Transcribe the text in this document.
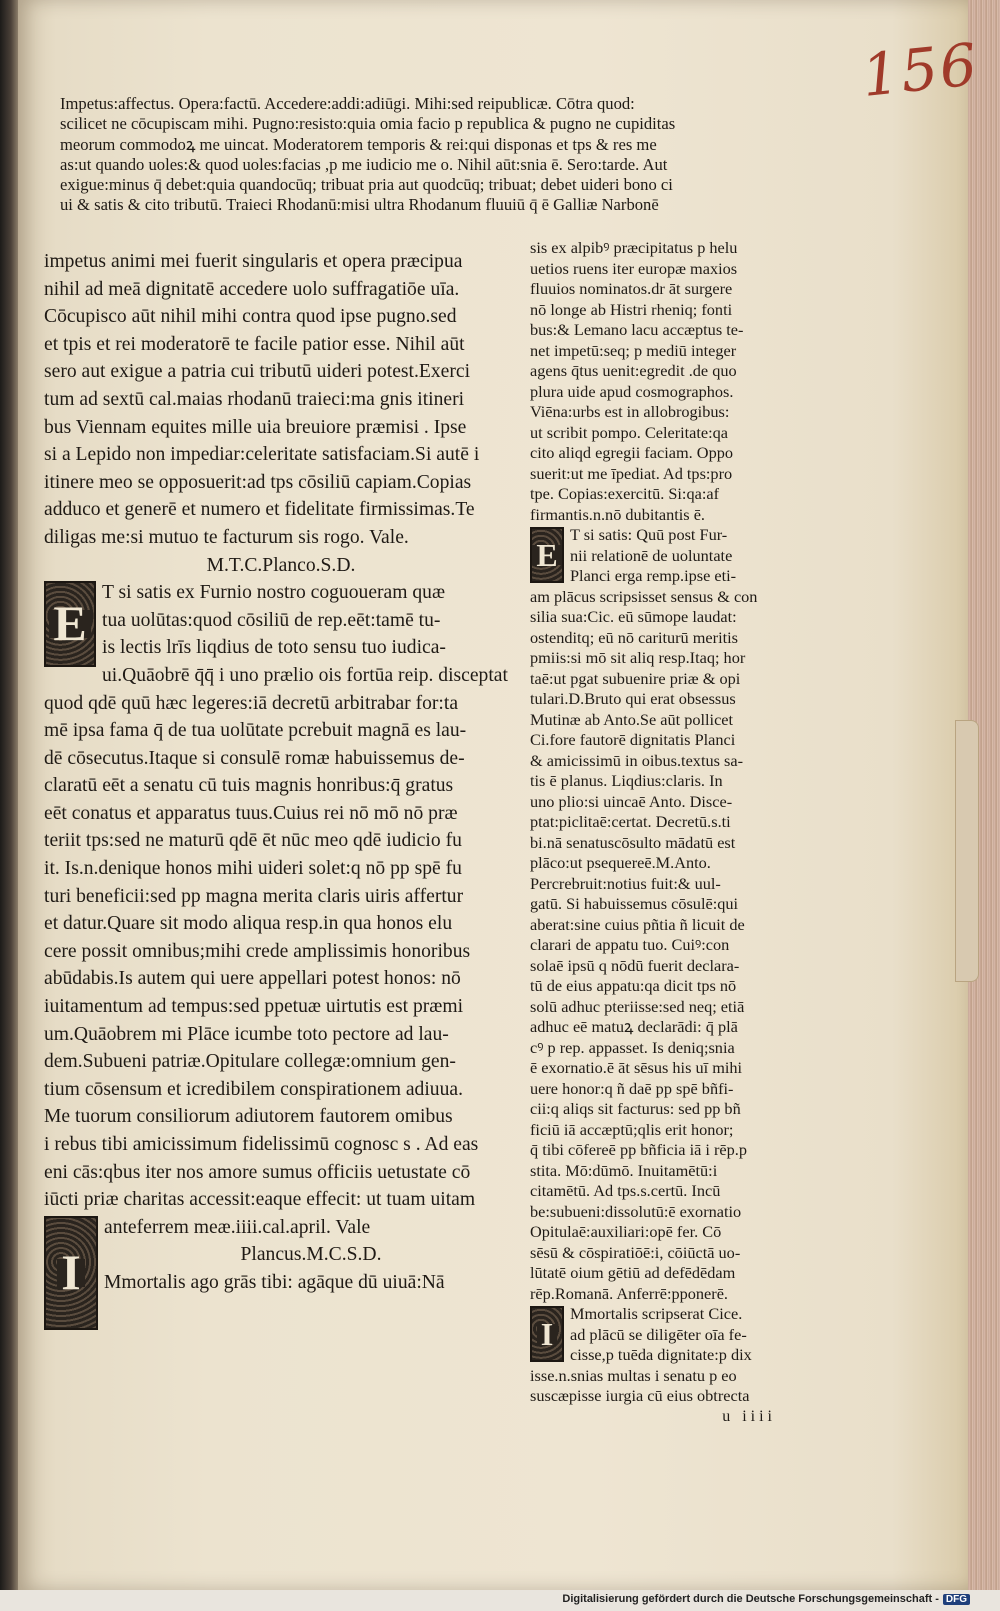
156
Impetus:affectus. Opera:factū. Accedere:addi:adiūgi. Mihi:sed reipublicæ. Cōtra quod:
scilicet ne cōcupiscam mihi. Pugno:resisto:quia omia facio p republica & pugno ne cupiditas
meorum commodoꝝ me uincat. Moderatorem temporis & rei:qui disponas et tps & res me
as:ut quando uoles:& quod uoles:facias ,p me iudicio me o. Nihil aūt:snia ē. Sero:tarde. Aut
exigue:minus q̄ debet:quia quandocūq; tribuat pria aut quodcūq; tribuat; debet uideri bono ci
ui & satis & cito tributū. Traieci Rhodanū:misi ultra Rhodanum fluuiū q̄ ē Galliæ Narbonē
impetus animi mei fuerit singularis et opera præcipua
nihil ad meā dignitatē accedere uolo suffragatiōe uīa.
Cōcupisco aūt nihil mihi contra quod ipse pugno.sed
et tpis et rei moderatorē te facile patior esse. Nihil aūt
sero aut exigue a patria cui tributū uideri potest.Exerci
tum ad sextū cal.maias rhodanū traieci:ma gnis itineri
bus Viennam equites mille uia breuiore præmisi . Ipse
si a Lepido non impediar:celeritate satisfaciam.Si autē i
itinere meo se opposuerit:ad tps cōsiliū capiam.Copias
adduco et generē et numero et fidelitate firmissimas.Te
diligas me:si mutuo te facturum sis rogo. Vale.
M.T.C.Planco.S.D.
E
T si satis ex Furnio nostro coguoueram quæ
tua uolūtas:quod cōsiliū de rep.eēt:tamē tu-
is lectis lrīs liqdius de toto sensu tuo iudica-
ui.Quāobrē q̄q̄ i uno prælio ois fortūa reip. disceptat
quod qdē quū hæc legeres:iā decretū arbitrabar for:ta
mē ipsa fama q̄ de tua uolūtate pcrebuit magnā es lau-
dē cōsecutus.Itaque si consulē romæ habuissemus de-
claratū eēt a senatu cū tuis magnis honribus:q̄ gratus
eēt conatus et apparatus tuus.Cuius rei nō mō nō præ
teriit tps:sed ne maturū qdē ēt nūc meo qdē iudicio fu
it. Is.n.denique honos mihi uideri solet:q nō pp spē fu
turi beneficii:sed pp magna merita claris uiris affertur
et datur.Quare sit modo aliqua resp.in qua honos elu
cere possit omnibus;mihi crede amplissimis honoribus
abūdabis.Is autem qui uere appellari potest honos: nō
iuitamentum ad tempus:sed ppetuæ uirtutis est præmi
um.Quāobrem mi Plāce icumbe toto pectore ad lau-
dem.Subueni patriæ.Opitulare collegæ:omnium gen-
tium cōsensum et icredibilem conspirationem adiuua.
Me tuorum consiliorum adiutorem fautorem omibus
i rebus tibi amicissimum fidelissimū cognosc s . Ad eas
eni cās:qbus iter nos amore sumus officiis uetustate cō
iūcti priæ charitas accessit:eaque effecit: ut tuam uitam
I
anteferrem meæ.iiii.cal.april. Vale
Plancus.M.C.S.D.
Mmortalis ago grās tibi: agāque dū uiuā:Nā
sis ex alpibꝰ præcipitatus p helu
uetios ruens iter europæ maxios
fluuios nominatos.dr āt surgere
nō longe ab Histri rheniq; fonti
bus:& Lemano lacu accæptus te-
net impetū:seq; p mediū integer
agens q̄tus uenit:egredit .de quo
plura uide apud cosmographos.
Viēna:urbs est in allobrogibus:
ut scribit pompo. Celeritate:qa
cito aliqd egregii faciam. Oppo
suerit:ut me īpediat. Ad tps:pro
tpe. Copias:exercitū. Si:qa:af
firmantis.n.nō dubitantis ē.
E
T si satis: Quū post Fur-
nii relationē de uoluntate
Planci erga remp.ipse eti-
am plācus scripsisset sensus & con
silia sua:Cic. eū sūmope laudat:
ostenditq; eū nō cariturū meritis
pmiis:si mō sit aliq resp.Itaq; hor
taē:ut pgat subuenire priæ & opi
tulari.D.Bruto qui erat obsessus
Mutinæ ab Anto.Se aūt pollicet
Ci.fore fautorē dignitatis Planci
& amicissimū in oibus.textus sa-
tis ē planus. Liqdius:claris. In
uno plio:si uincaē Anto. Disce-
ptat:piclitaē:certat. Decretū.s.ti
bi.nā senatuscōsulto mādatū est
plāco:ut psequereē.M.Anto.
Percrebruit:notius fuit:& uul-
gatū. Si habuissemus cōsulē:qui
aberat:sine cuius pñtia ñ licuit de
clarari de appatu tuo. Cuiꝰ:con
solaē ipsū q nōdū fuerit declara-
tū de eius appatu:qa dicit tps nō
solū adhuc pteriisse:sed neq; etiā
adhuc eē matuꝝ declarādi: q̄ plā
cꝰ p rep. appasset. Is deniq;snia
ē exornatio.ē āt sēsus his uī mihi
uere honor:q ñ daē pp spē bñfi-
cii:q aliqs sit facturus: sed pp bñ
ficiū iā accæptū;qlis erit honor;
q̄ tibi cōfereē pp bñficia iā i rēp.p
stita. Mō:dūmō. Inuitamētū:i
citamētū. Ad tps.s.certū. Incū
be:subueni:dissolutū:ē exornatio
Opitulaē:auxiliari:opē fer. Cō
sēsū & cōspiratiōē:i, cōiūctā uo-
lūtatē oium gētiū ad defēdēdam
rēp.Romanā. Anferrē:pponerē.
I
Mmortalis scripserat Cice.
ad plācū se diligēter oīa fe-
cisse,p tuēda dignitate:p dix
isse.n.snias multas i senatu p eo
suscæpisse iurgia cū eius obtrecta
u iiii
Digitalisierung gefördert durch die Deutsche Forschungsgemeinschaft - DFG
